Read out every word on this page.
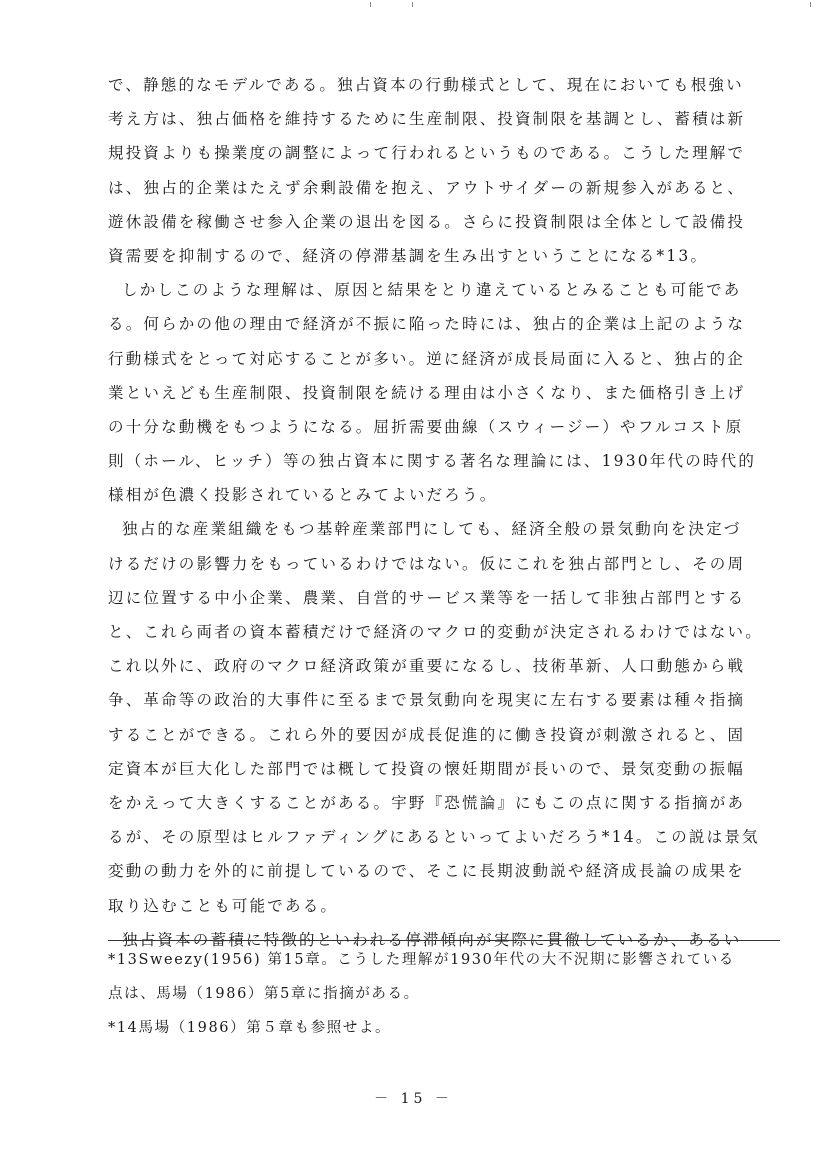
で、静態的なモデルである。独占資本の行動様式として、現在においても根強い
考え方は、独占価格を維持するために生産制限、投資制限を基調とし、蓄積は新
規投資よりも操業度の調整によって行われるというものである。こうした理解で
は、独占的企業はたえず余剰設備を抱え、アウトサイダーの新規参入があると、
遊休設備を稼働させ参入企業の退出を図る。さらに投資制限は全体として設備投
資需要を抑制するので、経済の停滞基調を生み出すということになる*13。
しかしこのような理解は、原因と結果をとり違えているとみることも可能であ
る。何らかの他の理由で経済が不振に陥った時には、独占的企業は上記のような
行動様式をとって対応することが多い。逆に経済が成長局面に入ると、独占的企
業といえども生産制限、投資制限を続ける理由は小さくなり、また価格引き上げ
の十分な動機をもつようになる。屈折需要曲線（スウィージー）やフルコスト原
則（ホール、ヒッチ）等の独占資本に関する著名な理論には、1930年代の時代的
様相が色濃く投影されているとみてよいだろう。
独占的な産業組織をもつ基幹産業部門にしても、経済全般の景気動向を決定づ
けるだけの影響力をもっているわけではない。仮にこれを独占部門とし、その周
辺に位置する中小企業、農業、自営的サービス業等を一括して非独占部門とする
と、これら両者の資本蓄積だけで経済のマクロ的変動が決定されるわけではない。
これ以外に、政府のマクロ経済政策が重要になるし、技術革新、人口動態から戦
争、革命等の政治的大事件に至るまで景気動向を現実に左右する要素は種々指摘
することができる。これら外的要因が成長促進的に働き投資が刺激されると、固
定資本が巨大化した部門では概して投資の懐妊期間が長いので、景気変動の振幅
をかえって大きくすることがある。宇野『恐慌論』にもこの点に関する指摘があ
るが、その原型はヒルファディングにあるといってよいだろう*14。この説は景気
変動の動力を外的に前提しているので、そこに長期波動説や経済成長論の成果を
取り込むことも可能である。
独占資本の蓄積に特徴的といわれる停滞傾向が実際に貫徹しているか、あるい
*13Sweezy(1956) 第15章。こうした理解が1930年代の大不況期に影響されている
点は、馬場（1986）第5章に指摘がある。
*14馬場（1986）第５章も参照せよ。
－ 15 －
